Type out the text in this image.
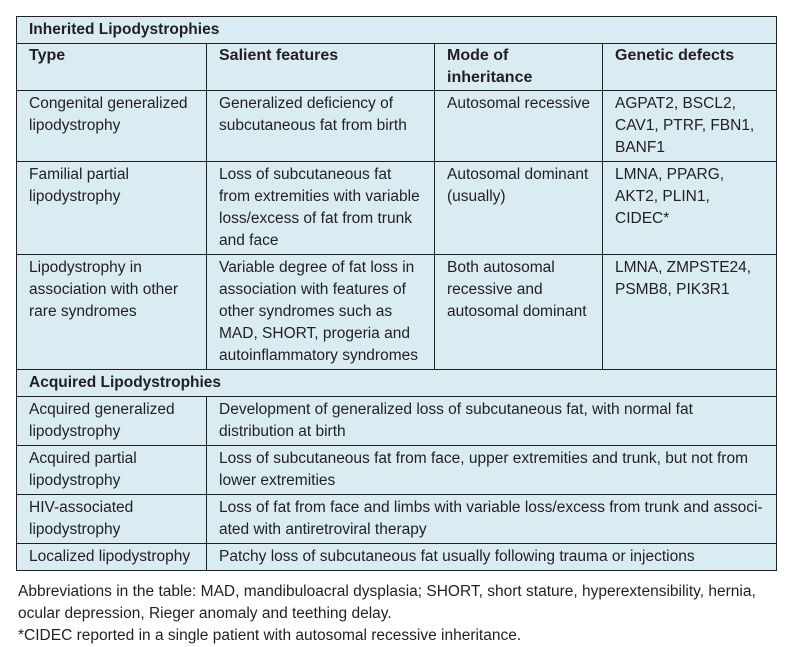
Inherited Lipodystrophies			
Type	Salient features	Mode of inheritance	Genetic defects
Congenital generalized lipodystrophy	Generalized deficiency of subcutaneous fat from birth	Autosomal recessive	AGPAT2, BSCL2, CAV1, PTRF, FBN1, BANF1
Familial partial lipodystrophy	Loss of subcutaneous fat from extremities with variable loss/excess of fat from trunk and face	Autosomal dominant (usually)	LMNA, PPARG, AKT2, PLIN1, CIDEC*
Lipodystrophy in association with other rare syndromes	Variable degree of fat loss in association with features of other syndromes such as MAD, SHORT, progeria and autoinflammatory syndromes	Both autosomal recessive and autosomal dominant	LMNA, ZMPSTE24, PSMB8, PIK3R1
Acquired Lipodystrophies			
Acquired generalized lipodystrophy	Development of generalized loss of subcutaneous fat, with normal fat distribution at birth		
Acquired partial lipodystrophy	Loss of subcutaneous fat from face, upper extremities and trunk, but not from lower extremities		
HIV-associated lipodystrophy	Loss of fat from face and limbs with variable loss/excess from trunk and associ-ated with antiretroviral therapy		
Localized lipodystrophy	Patchy loss of subcutaneous fat usually following trauma or injections		
Abbreviations in the table: MAD, mandibuloacral dysplasia; SHORT, short stature, hyperextensibility, hernia, ocular depression, Rieger anomaly and teething delay.
*CIDEC reported in a single patient with autosomal recessive inheritance.
